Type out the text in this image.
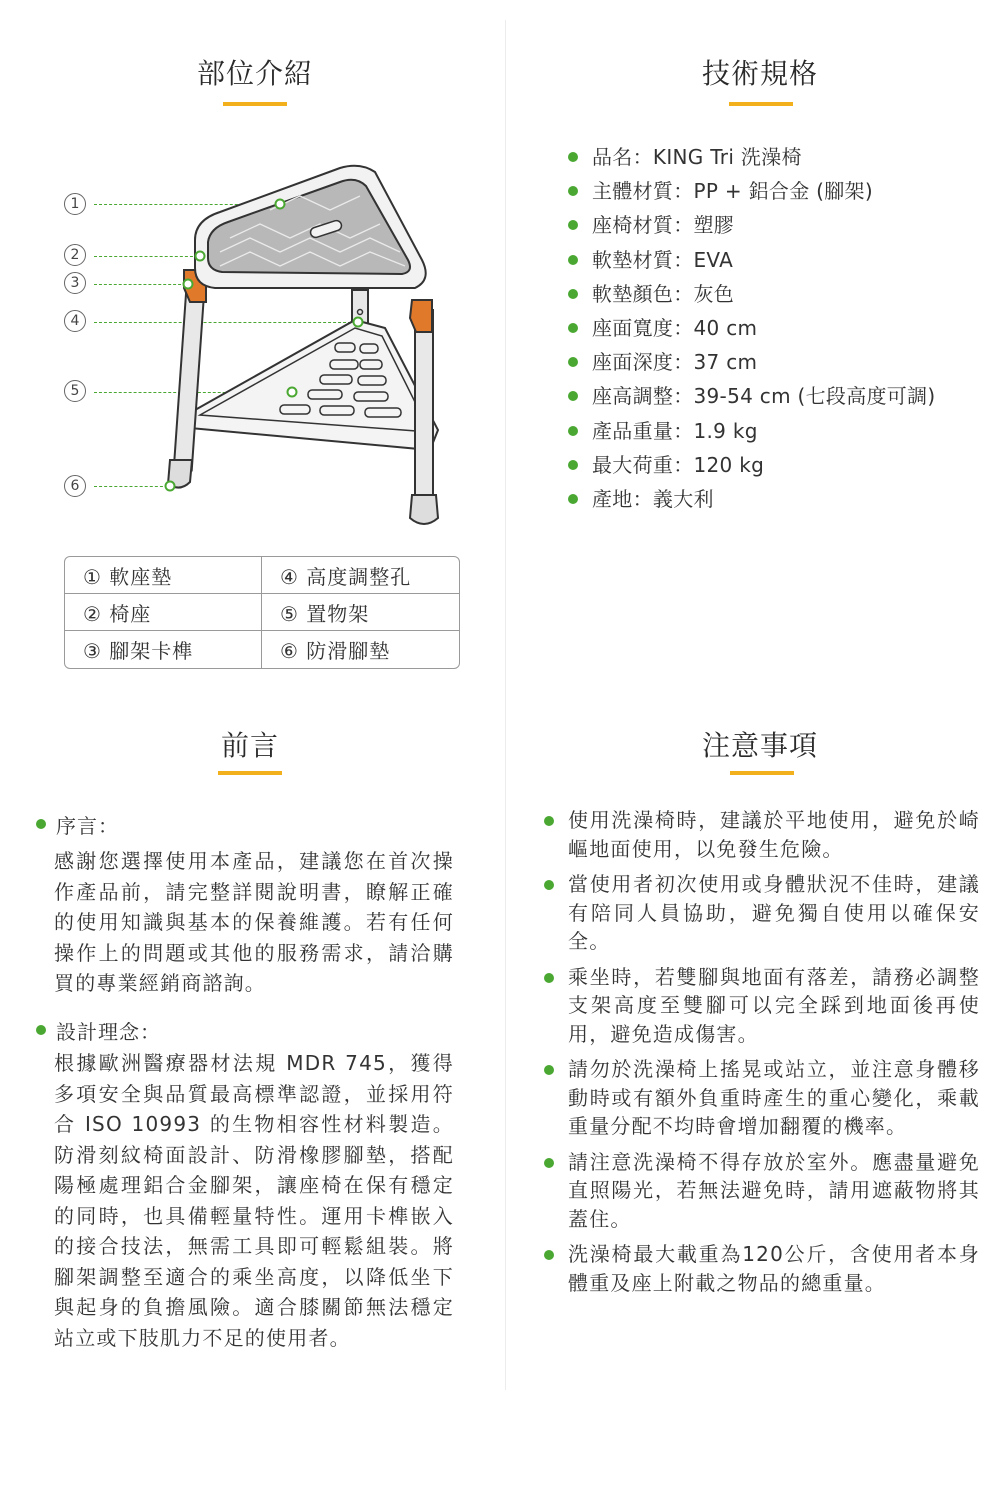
部位介紹
1
2
3
4
5
6
① 軟座墊	④ 高度調整孔
② 椅座	⑤ 置物架
③ 腳架卡榫	⑥ 防滑腳墊
技術規格
品名：KING Tri 洗澡椅
主體材質：PP + 鋁合金 (腳架)
座椅材質：塑膠
軟墊材質：EVA
軟墊顏色：灰色
座面寬度：40 cm
座面深度：37 cm
座高調整：39-54 cm (七段高度可調)
產品重量：1.9 kg
最大荷重：120 kg
產地：義大利
前言
序言：

感謝您選擇使用本產品，建議您在首次操作產品前，請完整詳閱說明書，瞭解正確的使用知識與基本的保養維護。若有任何操作上的問題或其他的服務需求，請洽購買的專業經銷商諮詢。

設計理念：

根據歐洲醫療器材法規 MDR 745，獲得多項安全與品質最高標準認證，並採用符合 ISO 10993 的生物相容性材料製造。防滑刻紋椅面設計、防滑橡膠腳墊，搭配陽極處理鋁合金腳架，讓座椅在保有穩定的同時，也具備輕量特性。運用卡榫嵌入的接合技法，無需工具即可輕鬆組裝。將腳架調整至適合的乘坐高度，以降低坐下與起身的負擔風險。適合膝關節無法穩定站立或下肢肌力不足的使用者。

注意事項
使用洗澡椅時，建議於平地使用，避免於崎嶇地面使用，以免發生危險。
當使用者初次使用或身體狀況不佳時，建議有陪同人員協助，避免獨自使用以確保安全。
乘坐時，若雙腳與地面有落差，請務必調整支架高度至雙腳可以完全踩到地面後再使用，避免造成傷害。
請勿於洗澡椅上搖晃或站立，並注意身體移動時或有額外負重時產生的重心變化，乘載重量分配不均時會增加翻覆的機率。
請注意洗澡椅不得存放於室外。應盡量避免直照陽光，若無法避免時，請用遮蔽物將其蓋住。
洗澡椅最大載重為120公斤，含使用者本身體重及座上附載之物品的總重量。
